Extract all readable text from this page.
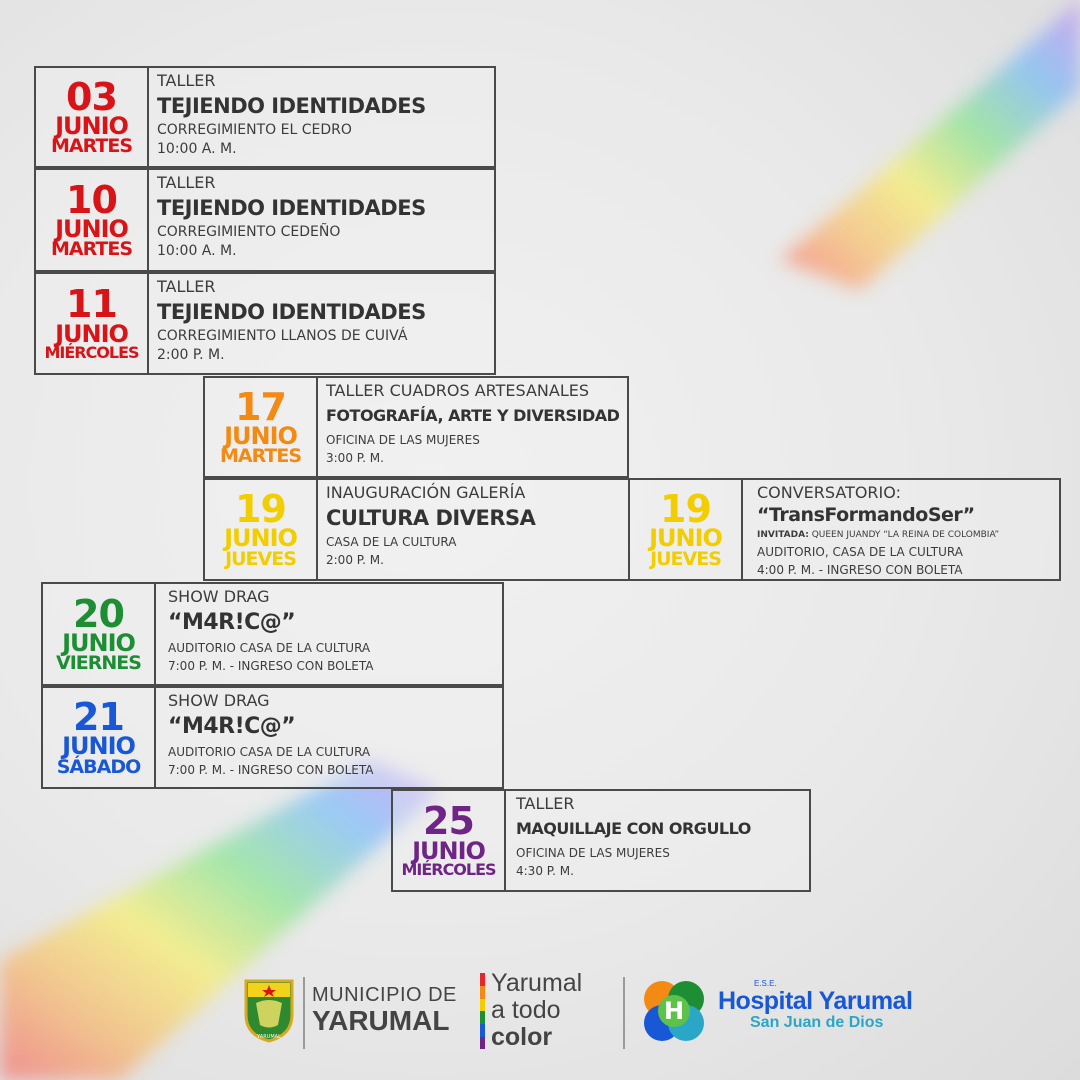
03
JUNIO
MARTES
TALLER
TEJIENDO IDENTIDADES
CORREGIMIENTO EL CEDRO
10:00 A. M.
10
JUNIO
MARTES
TALLER
TEJIENDO IDENTIDADES
CORREGIMIENTO CEDEÑO
10:00 A. M.
11
JUNIO
MIÉRCOLES
TALLER
TEJIENDO IDENTIDADES
CORREGIMIENTO LLANOS DE CUIVÁ
2:00 P. M.
17
JUNIO
MARTES
TALLER CUADROS ARTESANALES
FOTOGRAFÍA, ARTE Y DIVERSIDAD
OFICINA DE LAS MUJERES
3:00 P. M.
19
JUNIO
JUEVES
INAUGURACIÓN GALERÍA
CULTURA DIVERSA
CASA DE LA CULTURA
2:00 P. M.
19
JUNIO
JUEVES
CONVERSATORIO:
“TransFormandoSer”
INVITADA: QUEEN JUANDY “LA REINA DE COLOMBIA”
AUDITORIO, CASA DE LA CULTURA
4:00 P. M. - INGRESO CON BOLETA
20
JUNIO
VIERNES
SHOW DRAG
“M4R!C@”
AUDITORIO CASA DE LA CULTURA
7:00 P. M. - INGRESO CON BOLETA
21
JUNIO
SÁBADO
SHOW DRAG
“M4R!C@”
AUDITORIO CASA DE LA CULTURA
7:00 P. M. - INGRESO CON BOLETA
25
JUNIO
MIÉRCOLES
TALLER
MAQUILLAJE CON ORGULLO
OFICINA DE LAS MUJERES
4:30 P. M.
YARUMAL
MUNICIPIO DE
YARUMAL
Yarumal
a todo
color
H
E.S.E.
Hospital Yarumal
San Juan de Dios
